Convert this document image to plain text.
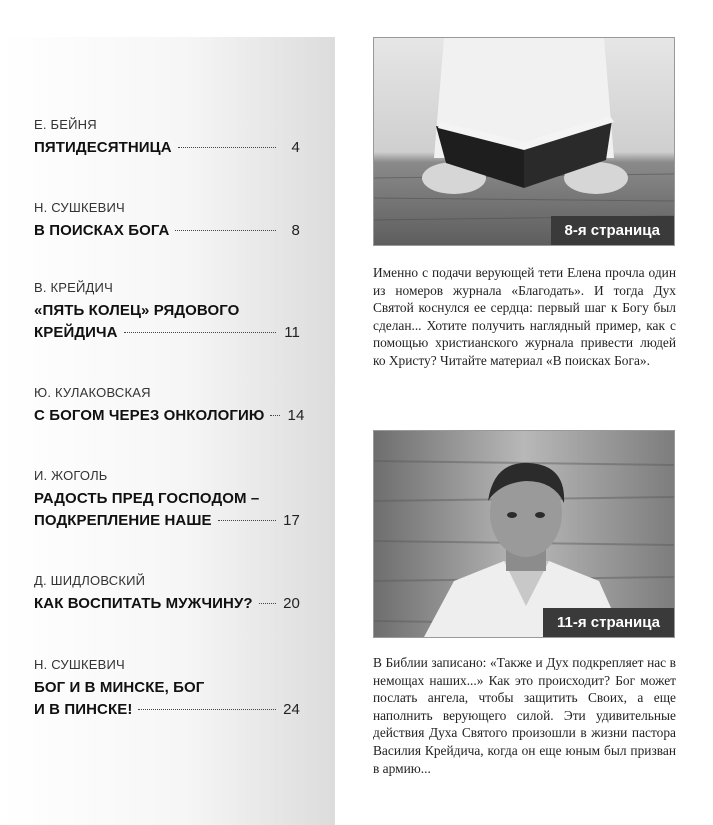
Е. БЕЙНЯ
ПЯТИДЕСЯТНИЦА	4
Н. СУШКЕВИЧ
В ПОИСКАХ БОГА	8
В. КРЕЙДИЧ
«ПЯТЬ КОЛЕЦ» РЯДОВОГО
КРЕЙДИЧА	11
Ю. КУЛАКОВСКАЯ
С БОГОМ ЧЕРЕЗ ОНКОЛОГИЮ 14
И. ЖОГОЛЬ
РАДОСТЬ ПРЕД ГОСПОДОМ –
ПОДКРЕПЛЕНИЕ НАШЕ	17
Д. ШИДЛОВСКИЙ
КАК ВОСПИТАТЬ МУЖЧИНУ? 20
Н. СУШКЕВИЧ
БОГ И В МИНСКЕ, БОГ
И В ПИНСКЕ!	24
8-я страница

Именно с подачи верующей тети Елена прочла один из номеров журнала «Благодать». И тогда Дух Святой коснулся ее сердца: первый шаг к Богу был сделан... Хотите получить наглядный пример, как с помощью христианского журнала привести людей ко Христу? Читайте материал «В поисках Бога».

11-я страница

В Библии записано: «Также и Дух подкрепляет нас в немощах наших...» Как это происходит? Бог может послать ангела, чтобы защитить Своих, а еще наполнить верующего силой. Эти удивительные действия Духа Святого произошли в жизни пастора Василия Крейдича, когда он еще юным был призван в армию...
